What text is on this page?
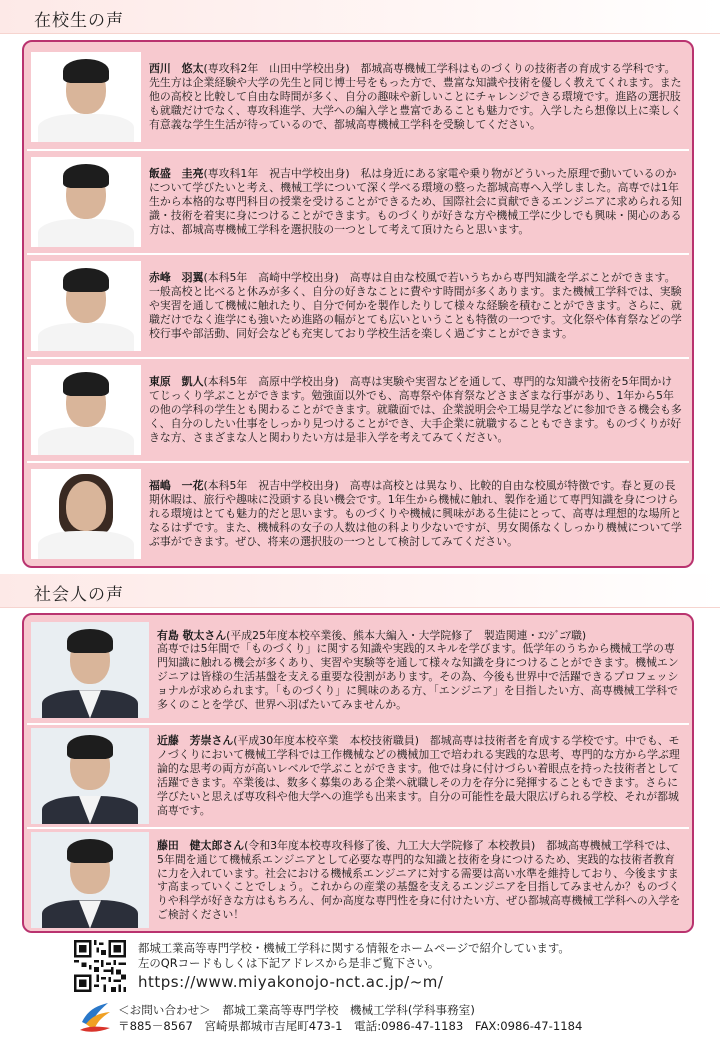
在校生の声
西川　悠太(専攻科2年　山田中学校出身)　 都城高専機械工学科はものづくりの技術者の育成する学科です。先生方は企業経験や大学の先生と同じ博士号をもった方で、豊富な知識や技術を優しく教えてくれます。また他の高校と比較して自由な時間が多く、自分の趣味や新しいことにチャレンジできる環境です。進路の選択肢も就職だけでなく、専攻科進学、大学への編入学と豊富であることも魅力です。入学したら想像以上に楽しく有意義な学生生活が待っているので、都城高専機械工学科を受験してください。
飯盛　圭亮(専攻科1年　祝吉中学校出身)　 私は身近にある家電や乗り物がどういった原理で動いているのかについて学びたいと考え、機械工学について深く学べる環境の整った都城高専へ入学しました。高専では1年生から本格的な専門科目の授業を受けることができるため、国際社会に貢献できるエンジニアに求められる知識・技術を着実に身につけることができます。ものづくりが好きな方や機械工学に少しでも興味・関心のある方は、都城高専機械工学科を選択肢の一つとして考えて頂けたらと思います。
赤峰　羽翼(本科5年　高崎中学校出身)　 高専は自由な校風で若いうちから専門知識を学ぶことができます。一般高校と比べると休みが多く、自分の好きなことに費やす時間が多くあります。また機械工学科では、実験や実習を通して機械に触れたり、自分で何かを製作したりして様々な経験を積むことができます。さらに、就職だけでなく進学にも強いため進路の幅がとても広いということも特徴の一つです。文化祭や体育祭などの学校行事や部活動、同好会なども充実しており学校生活を楽しく過ごすことができます。
東原　凱人(本科5年　高原中学校出身)　 高専は実験や実習などを通して、専門的な知識や技術を5年間かけてじっくり学ぶことができます。勉強面以外でも、高専祭や体育祭などさまざまな行事があり、1年から5年の他の学科の学生とも関わることができます。就職面では、企業説明会や工場見学などに参加できる機会も多く、自分のしたい仕事をしっかり見つけることができ、大手企業に就職することもできます。ものづくりが好きな方、さまざまな人と関わりたい方は是非入学を考えてみてください。
福嶋　一花(本科5年　祝吉中学校出身)　 高専は高校とは異なり、比較的自由な校風が特徴です。春と夏の長期休暇は、旅行や趣味に没頭する良い機会です。1年生から機械に触れ、製作を通じて専門知識を身につけられる環境はとても魅力的だと思います。ものづくりや機械に興味がある生徒にとって、高専は理想的な場所となるはずです。また、機械科の女子の人数は他の科より少ないですが、男女関係なくしっかり機械について学ぶ事ができます。ぜひ、将来の選択肢の一つとして検討してみてください。
社会人の声
有島 敬太さん(平成25年度本校卒業後、熊本大編入・大学院修了　製造関連・ｴﾝｼﾞﾆｱ職)
高専では5年間で「ものづくり」に関する知識や実践的スキルを学びます。低学年のうちから機械工学の専門知識に触れる機会が多くあり、実習や実験等を通して様々な知識を身につけることができます。機械エンジニアは皆様の生活基盤を支える重要な役割があります。その為、今後も世界中で活躍できるプロフェッショナルが求められます。「ものづくり」に興味のある方、「エンジニア」を目指したい方、高専機械工学科で多くのことを学び、世界へ羽ばたいてみませんか。
近藤　芳崇さん(平成30年度本校卒業　本校技術職員)　 都城高専は技術者を育成する学校です。中でも、モノづくりにおいて機械工学科では工作機械などの機械加工で培われる実践的な思考、専門的な方から学ぶ理論的な思考の両方が高いレベルで学ぶことができます。他では身に付けづらい着眼点を持った技術者として活躍できます。卒業後は、数多く募集のある企業へ就職しその力を存分に発揮することもできます。さらに学びたいと思えば専攻科や他大学への進学も出来ます。自分の可能性を最大限広げられる学校、それが都城高専です。
藤田　健太郎さん(令和3年度本校専攻科修了後、九工大大学院修了 本校教員)　 都城高専機械工学科では、5年間を通じて機械系エンジニアとして必要な専門的な知識と技術を身につけるため、実践的な技術者教育に力を入れています。社会における機械系エンジニアに対する需要は高い水準を維持しており、今後ますます高まっていくことでしょう。これからの産業の基盤を支えるエンジニアを目指してみませんか？ものづくりや科学が好きな方はもちろん、何か高度な専門性を身に付けたい方、ぜひ都城高専機械工学科への入学をご検討ください！
都城工業高等専門学校・機械工学科に関する情報をホームページで紹介しています。
左のQRコードもしくは下記アドレスから是非ご覧下さい。
https://www.miyakonojo-nct.ac.jp/~m/
＜お問い合わせ＞　都城工業高等専門学校　機械工学科(学科事務室)
〒885－8567　宮崎県都城市吉尾町473-1　電話:0986-47-1183　FAX:0986-47-1184
